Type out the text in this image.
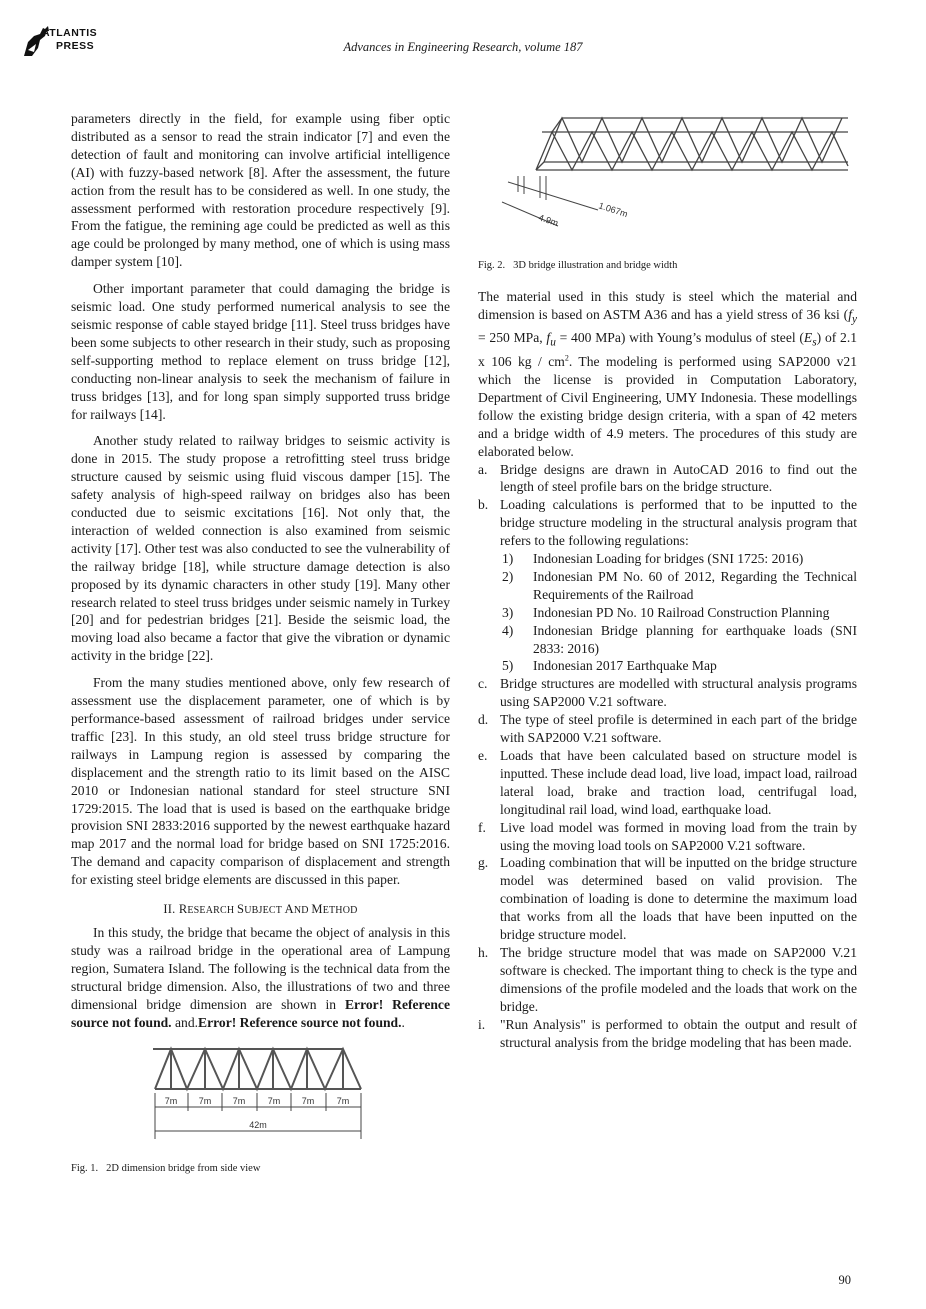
ATLANTIS
PRESS	Advances in Engineering Research, volume 187

parameters directly in the field, for example using fiber optic distributed as a sensor to read the strain indicator [7] and even the detection of fault and monitoring can involve artificial intelligence (AI) with fuzzy-based network [8]. After the assessment, the future action from the result has to be considered as well. In one study, the assessment performed with restoration procedure respectively [9]. From the fatigue, the remining age could be predicted as well as this age could be prolonged by many method, one of which is using mass damper system [10].

Other important parameter that could damaging the bridge is seismic load. One study performed numerical analysis to see the seismic response of cable stayed bridge [11]. Steel truss bridges have been some subjects to other research in their study, such as proposing self-supporting method to replace element on truss bridge [12], conducting non-linear analysis to seek the mechanism of failure in truss bridges [13], and for long span simply supported truss bridge for railways [14].

Another study related to railway bridges to seismic activity is done in 2015. The study propose a retrofitting steel truss bridge structure caused by seismic using fluid viscous damper [15]. The safety analysis of high-speed railway on bridges also has been conducted due to seismic excitations [16]. Not only that, the interaction of welded connection is also examined from seismic activity [17]. Other test was also conducted to see the vulnerability of the railway bridge [18], while structure damage detection is also proposed by its dynamic characters in other study [19]. Many other research related to steel truss bridges under seismic namely in Turkey [20] and for pedestrian bridges [21]. Beside the seismic load, the moving load also became a factor that give the vibration or dynamic activity in the bridge [22].

From the many studies mentioned above, only few research of assessment use the displacement parameter, one of which is by performance-based assessment of railroad bridges under service traffic [23]. In this study, an old steel truss bridge structure for railways in Lampung region is assessed by comparing the displacement and the strength ratio to its limit based on the AISC 2010 or Indonesian national standard for steel structure SNI 1729:2015. The load that is used is based on the earthquake bridge provision SNI 2833:2016 supported by the newest earthquake hazard map 2017 and the normal load for bridge based on SNI 1725:2016. The demand and capacity comparison of displacement and strength for existing steel bridge elements are discussed in this paper.

II. RESEARCH SUBJECT AND METHOD

In this study, the bridge that became the object of analysis in this study was a railroad bridge in the operational area of Lampung region, Sumatera Island. The following is the technical data from the structural bridge dimension. Also, the illustrations of two and three dimensional bridge dimension are shown in Error! Reference source not found. and.Error! Reference source not found..

7m 7m 7m 7m 7m 7m
42m
Fig. 1. 2D dimension bridge from side view
1.067m
4.9m
Fig. 2. 3D bridge illustration and bridge width

The material used in this study is steel which the material and dimension is based on ASTM A36 and has a yield stress of 36 ksi ($f_y = 250$ MPa, $f_u = 400$ MPa) with Young’s modulus of steel $(E_s)$ of 2.1 x 106 kg / $cm^2$. The modeling is performed using SAP2000 v21 which the license is provided in Computation Laboratory, Department of Civil Engineering, UMY Indonesia. These modellings follow the existing bridge design criteria, with a span of 42 meters and a bridge width of 4.9 meters. The procedures of this study are elaborated below.

a. Bridge designs are drawn in AutoCAD 2016 to find out the length of steel profile bars on the bridge structure.
b. Loading calculations is performed that to be inputted to the bridge structure modeling in the structural analysis program that refers to the following regulations:
1) Indonesian Loading for bridges (SNI 1725: 2016)
2) Indonesian PM No. 60 of 2012, Regarding the Technical Requirements of the Railroad
3) Indonesian PD No. 10 Railroad Construction Planning
4) Indonesian Bridge planning for earthquake loads (SNI 2833: 2016)
5) Indonesian 2017 Earthquake Map
c. Bridge structures are modelled with structural analysis programs using SAP2000 V.21 software.
d. The type of steel profile is determined in each part of the bridge with SAP2000 V.21 software.
e. Loads that have been calculated based on structure model is inputted. These include dead load, live load, impact load, railroad lateral load, brake and traction load, centrifugal load, longitudinal rail load, wind load, earthquake load.
f. Live load model was formed in moving load from the train by using the moving load tools on SAP2000 V.21 software.
g. Loading combination that will be inputted on the bridge structure model was determined based on valid provision. The combination of loading is done to determine the maximum load that works from all the loads that have been inputted on the bridge structure model.
h. The bridge structure model that was made on SAP2000 V.21 software is checked. The important thing to check is the type and dimensions of the profile modeled and the loads that work on the bridge.
i. "Run Analysis" is performed to obtain the output and result of structural analysis from the bridge modeling that has been made.
90
